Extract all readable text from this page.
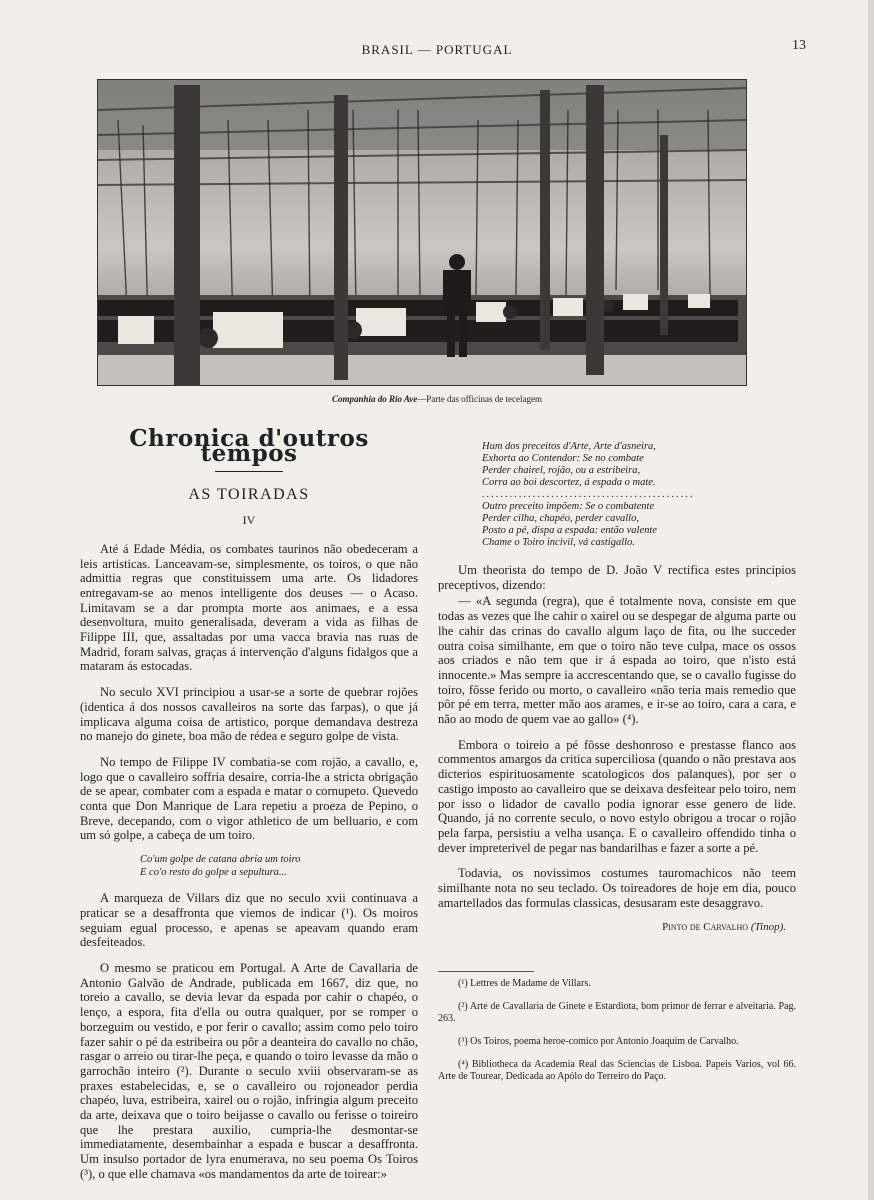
BRASIL — PORTUGAL	13
Companhia do Rio Ave—Parte das officinas de tecelagem
Chronica d'outros tempos
AS TOIRADAS
IV

Até á Edade Média, os combates taurinos não obedeceram a leis artisticas. Lanceavam-se, simplesmente, os toiros, o que não admittia regras que constituissem uma arte. Os lidadores entregavam-se ao menos intelligente dos deuses — o Acaso. Limitavam se a dar prompta morte aos animaes, e a essa desenvoltura, muito generalisada, deveram a vida as filhas de Filippe III, que, assaltadas por uma vacca bravia nas ruas de Madrid, foram salvas, graças á intervenção d'alguns fidalgos que a mataram ás estocadas.

No seculo XVI principiou a usar-se a sorte de quebrar rojões (identica á dos nossos cavalleiros na sorte das farpas), o que já implicava alguma coisa de artistico, porque demandava destreza no manejo do ginete, boa mão de rédea e seguro golpe de vista.

No tempo de Filippe IV combatia-se com rojão, a cavallo, e, logo que o cavalleiro soffria desaire, corria-lhe a stricta obrigação de se apear, combater com a espada e matar o cornupeto. Quevedo conta que Don Manrique de Lara repetiu a proeza de Pepino, o Breve, decepando, com o vigor athletico de um belluario, e com um só golpe, a cabeça de um toiro.

Co'um golpe de catana abria um toiro
E co'o resto do golpe a sepultura...

A marqueza de Villars diz que no seculo xvii continuava a praticar se a desaffronta que viemos de indicar (¹). Os moiros seguiam egual processo, e apenas se apeavam quando eram desfeiteados.

O mesmo se praticou em Portugal. A Arte de Cavallaria de Antonio Galvão de Andrade, publicada em 1667, diz que, no toreio a cavallo, se devia levar da espada por cahir o chapéo, o lenço, a espora, fita d'ella ou outra qualquer, por se romper o borzeguim ou vestido, e por ferir o cavallo; assim como pelo toiro fazer sahir o pé da estribeira ou pôr a deanteira do cavallo no chão, rasgar o arreio ou tirar-lhe peça, e quando o toiro levasse da mão o garrochão inteiro (²). Durante o seculo xviii observaram-se as praxes estabelecidas, e, se o cavalleiro ou rojoneador perdia chapéo, luva, estribeira, xairel ou o rojão, infringia algum preceito da arte, deixava que o toiro beijasse o cavallo ou ferisse o toireiro que lhe prestara auxilio, cumpria-lhe desmontar-se immediatamente, desembainhar a espada e buscar a desaffronta. Um insulso portador de lyra enumerava, no seu poema Os Toiros (³), o que elle chamava «os mandamentos da arte de toirear:»

Hum dos preceitos d'Arte, Arte d'asneira,
Exhorta ao Contendor: Se no combate
Perder chairel, rojão, ou a estribeira,
Corra ao boi descortez, á espada o mate.
..............................................
Outro preceito impõem: Se o combatente
Perder cilha, chapéo, perder cavallo,
Posto a pé, dispa a espada: então valente
Chame o Toiro incivil, vá castigallo.

Um theorista do tempo de D. João V rectifica estes principios preceptivos, dizendo:

— «A segunda (regra), que é totalmente nova, consiste em que todas as vezes que lhe cahir o xairel ou se despegar de alguma parte ou lhe cahir das crinas do cavallo algum laço de fita, ou lhe succeder outra coisa similhante, em que o toiro não teve culpa, mace os ossos aos criados e não tem que ir á espada ao toiro, que n'isto está innocente.» Mas sempre ia accrescentando que, se o cavallo fugisse do toiro, fôsse ferido ou morto, o cavalleiro «não teria mais remedio que pôr pé em terra, metter mão aos arames, e ir-se ao toiro, cara a cara, e não ao modo de quem vae ao gallo» (⁴).

Embora o toireio a pé fôsse deshonroso e prestasse flanco aos commentos amargos da critica superciliosa (quando o não prestava aos dicterios espirituosamente scatologicos dos palanques), por ser o castigo imposto ao cavalleiro que se deixava desfeitear pelo toiro, nem por isso o lidador de cavallo podia ignorar esse genero de lide. Quando, já no corrente seculo, o novo estylo obrigou a trocar o rojão pela farpa, persistiu a velha usança. E o cavalleiro offendido tinha o dever impreterivel de pegar nas bandarilhas e fazer a sorte a pé.

Todavia, os novissimos costumes tauromachicos não teem similhante nota no seu teclado. Os toireadores de hoje em dia, pouco amartellados das formulas classicas, desusaram este desaggravo.

Pinto de Carvalho (Tinop).

(¹) Lettres de Madame de Villars.

(²) Arte de Cavallaria de Ginete e Estardiota, bom primor de ferrar e alveitaria. Pag. 263.

(³) Os Toiros, poema heroe-comico por Antonio Joaquim de Carvalho.

(⁴) Bibliotheca da Academia Real das Sciencias de Lisboa. Papeis Varios, vol 66. Arte de Tourear, Dedicada ao Apólo do Terreiro do Paço.
